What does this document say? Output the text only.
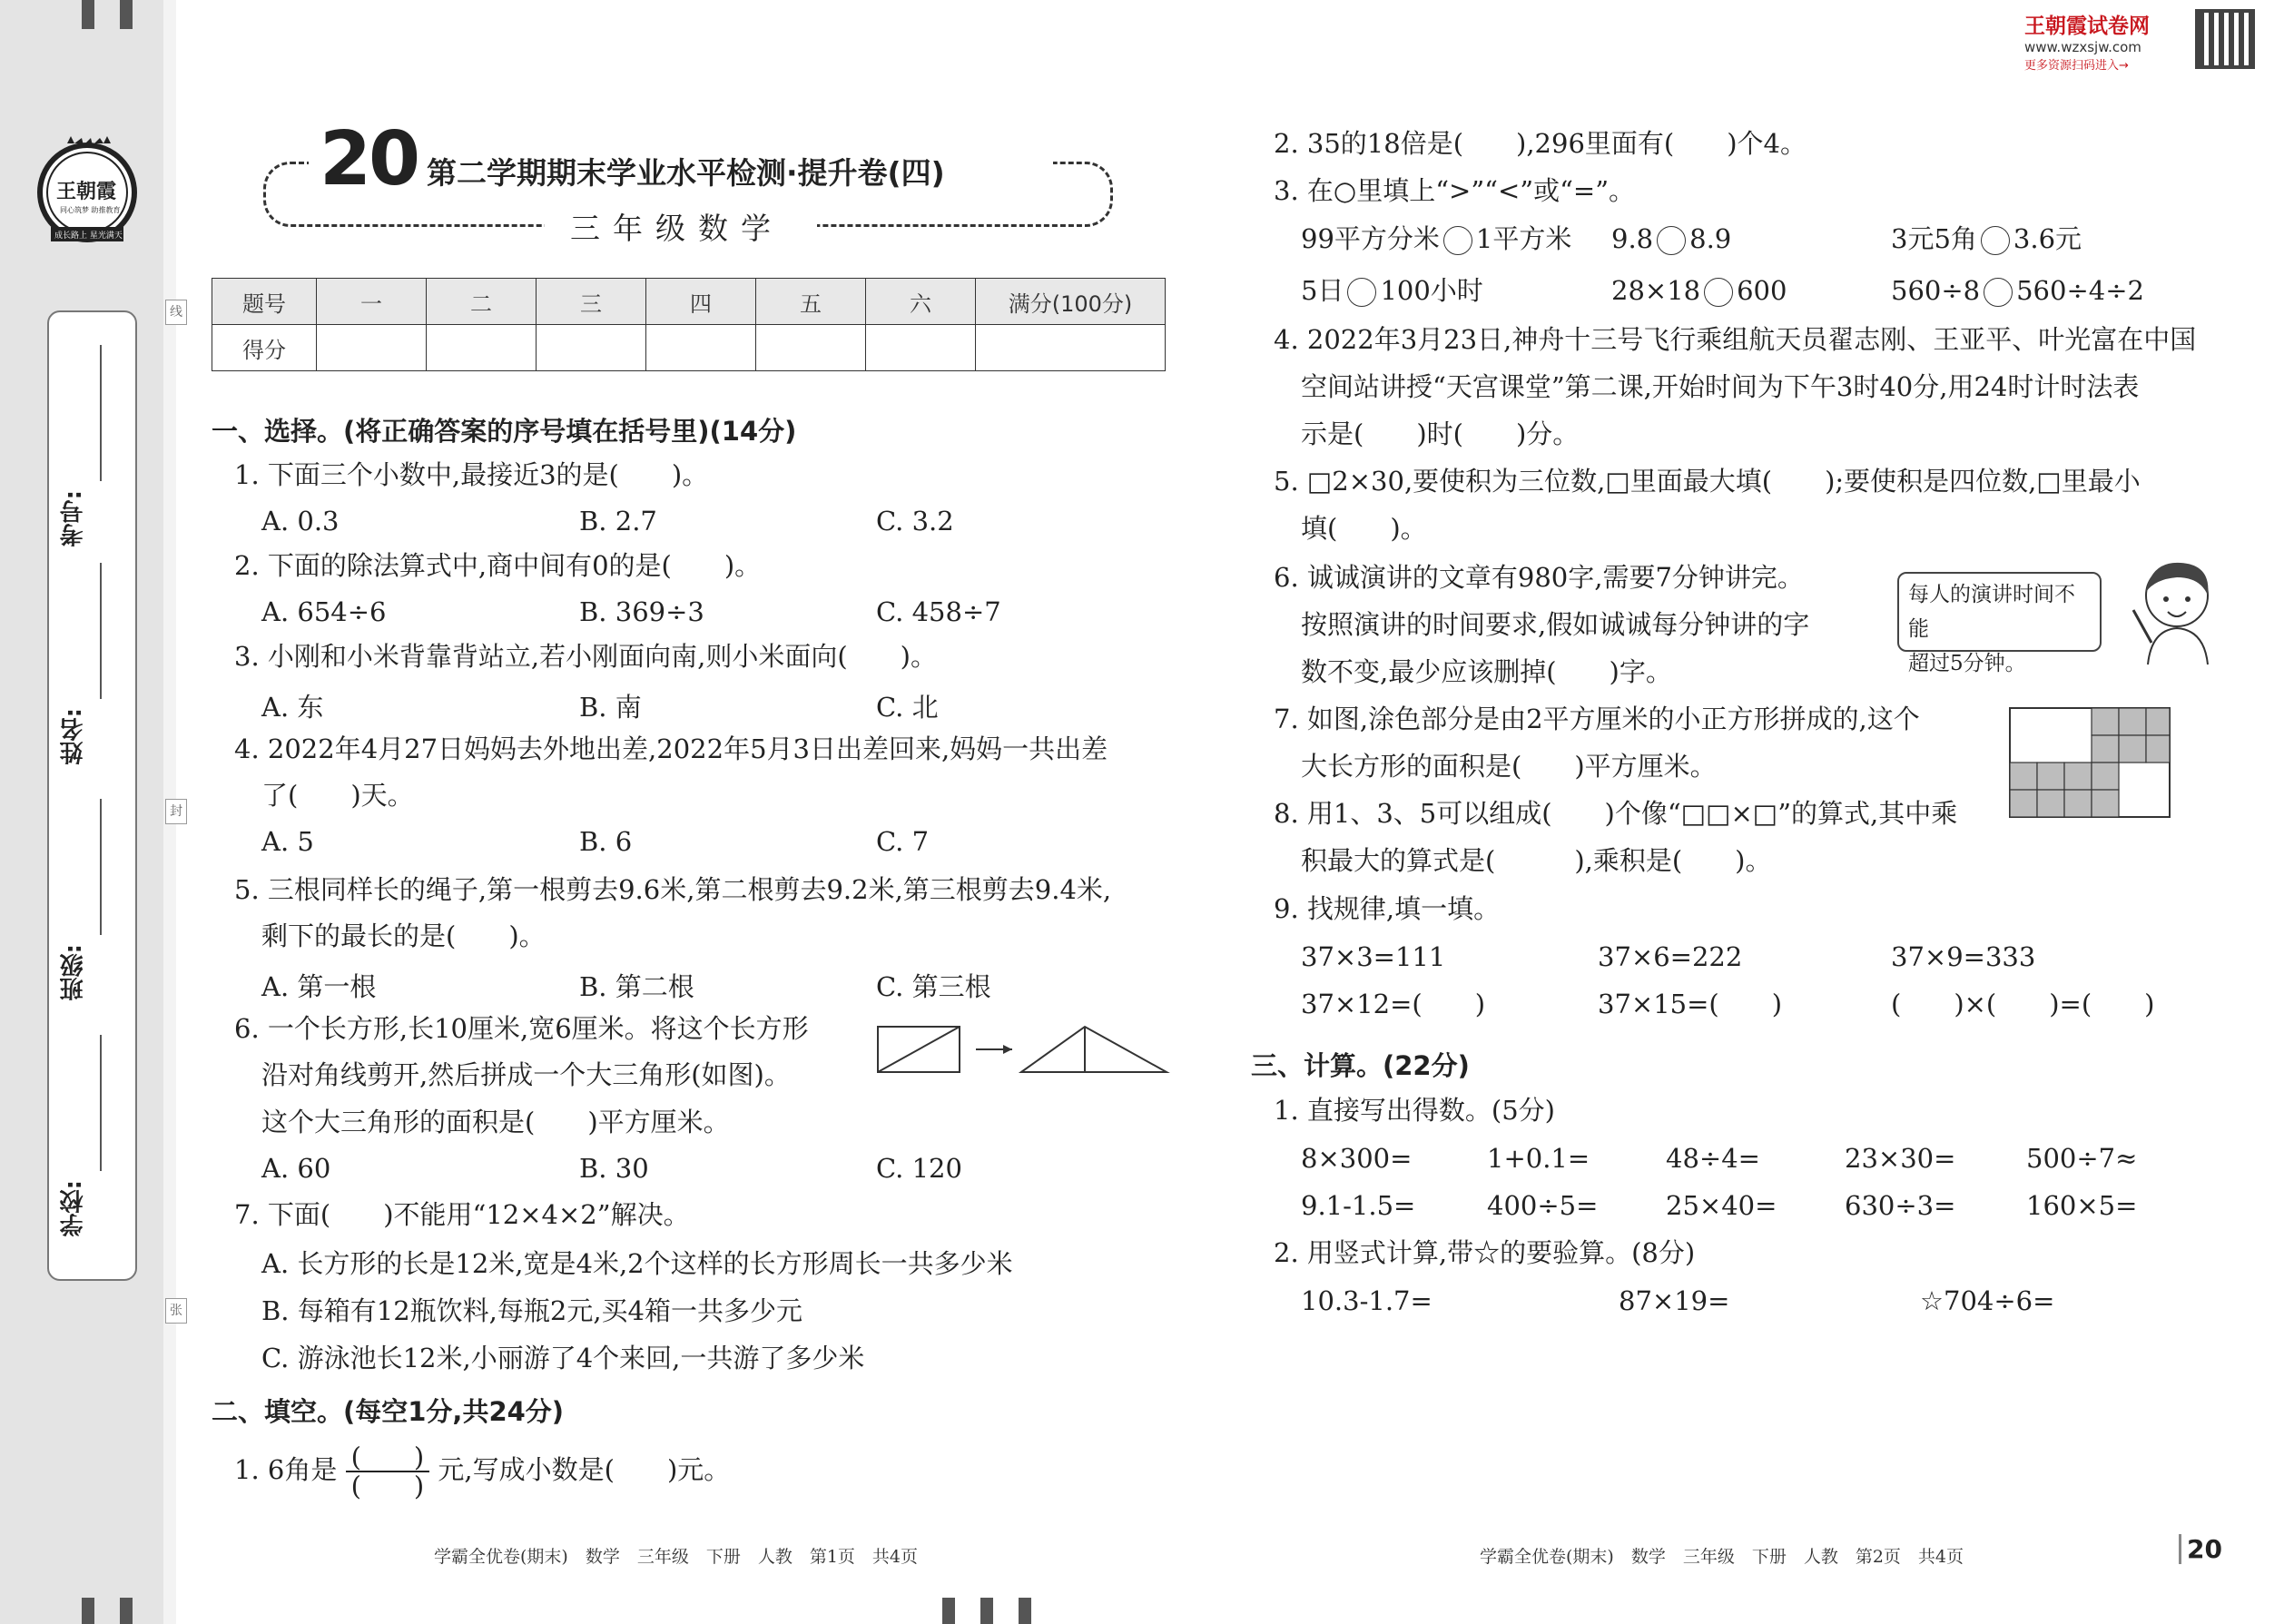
王朝霞
同心筑梦 助推教育
成长路上 星光满天
考号:
姓名:
班级:
学校:
线
封
张
王朝霞试卷网
www.wzxsjw.com
更多资源扫码进入→
20 第二学期期末学业水平检测·提升卷(四)
三年级数学
题号	一	二	三	四	五	六	满分(100分)
得分							
一、选择。(将正确答案的序号填在括号里)(14分)
1. 下面三个小数中,最接近3的是(　　)。
A. 0.3	B. 2.7	C. 3.2
2. 下面的除法算式中,商中间有0的是(　　)。
A. 654÷6	B. 369÷3	C. 458÷7
3. 小刚和小米背靠背站立,若小刚面向南,则小米面向(　　)。
A. 东	B. 南	C. 北
4. 2022年4月27日妈妈去外地出差,2022年5月3日出差回来,妈妈一共出差
了(　　)天。
A. 5	B. 6	C. 7
5. 三根同样长的绳子,第一根剪去9.6米,第二根剪去9.2米,第三根剪去9.4米,
剩下的最长的是(　　)。
A. 第一根	B. 第二根	C. 第三根
6. 一个长方形,长10厘米,宽6厘米。将这个长方形
沿对角线剪开,然后拼成一个大三角形(如图)。
这个大三角形的面积是(　　)平方厘米。
A. 60	B. 30	C. 120
7. 下面(　　)不能用“12×4×2”解决。
A. 长方形的长是12米,宽是4米,2个这样的长方形周长一共多少米
B. 每箱有12瓶饮料,每瓶2元,买4箱一共多少元
C. 游泳池长12米,小丽游了4个来回,一共游了多少米
二、填空。(每空1分,共24分)
1. 6角是 $\frac{( )}{( )}$ 元,写成小数是(　　)元。
学霸全优卷(期末)　数学　三年级　下册　人教　第1页　共4页
2. 35的18倍是(　　),296里面有(　　)个4。
3. 在○里填上“>”“<”或“=”。
99平方分米 1平方米 9.8 8.9	3元5角 3.6元
5日 100小时	28×18 600	560÷8 560÷4÷2
4. 2022年3月23日,神舟十三号飞行乘组航天员翟志刚、王亚平、叶光富在中国
空间站讲授“天宫课堂”第二课,开始时间为下午3时40分,用24时计时法表
示是(　　)时(　　)分。
5. □2×30,要使积为三位数,□里面最大填(　　);要使积是四位数,□里最小
填(　　)。
6. 诚诚演讲的文章有980字,需要7分钟讲完。
按照演讲的时间要求,假如诚诚每分钟讲的字
数不变,最少应该删掉(　　)字。
每人的演讲时间不能
超过5分钟。
7. 如图,涂色部分是由2平方厘米的小正方形拼成的,这个
大长方形的面积是(　　)平方厘米。
8. 用1、3、5可以组成(　　)个像“□□×□”的算式,其中乘
积最大的算式是(　　　),乘积是(　　)。
9. 找规律,填一填。
37×3=111	37×6=222	37×9=333
37×12=(　　)	37×15=(　　)	(　　)×(　　)=(　　)
三、计算。(22分)
1. 直接写出得数。(5分)
8×300=	1+0.1=	48÷4=	23×30=	500÷7≈
9.1-1.5=	400÷5=	25×40=	630÷3=	160×5=
2. 用竖式计算,带☆的要验算。(8分)
10.3-1.7=	87×19=	☆704÷6=
学霸全优卷(期末)　数学　三年级　下册　人教　第2页　共4页	20
